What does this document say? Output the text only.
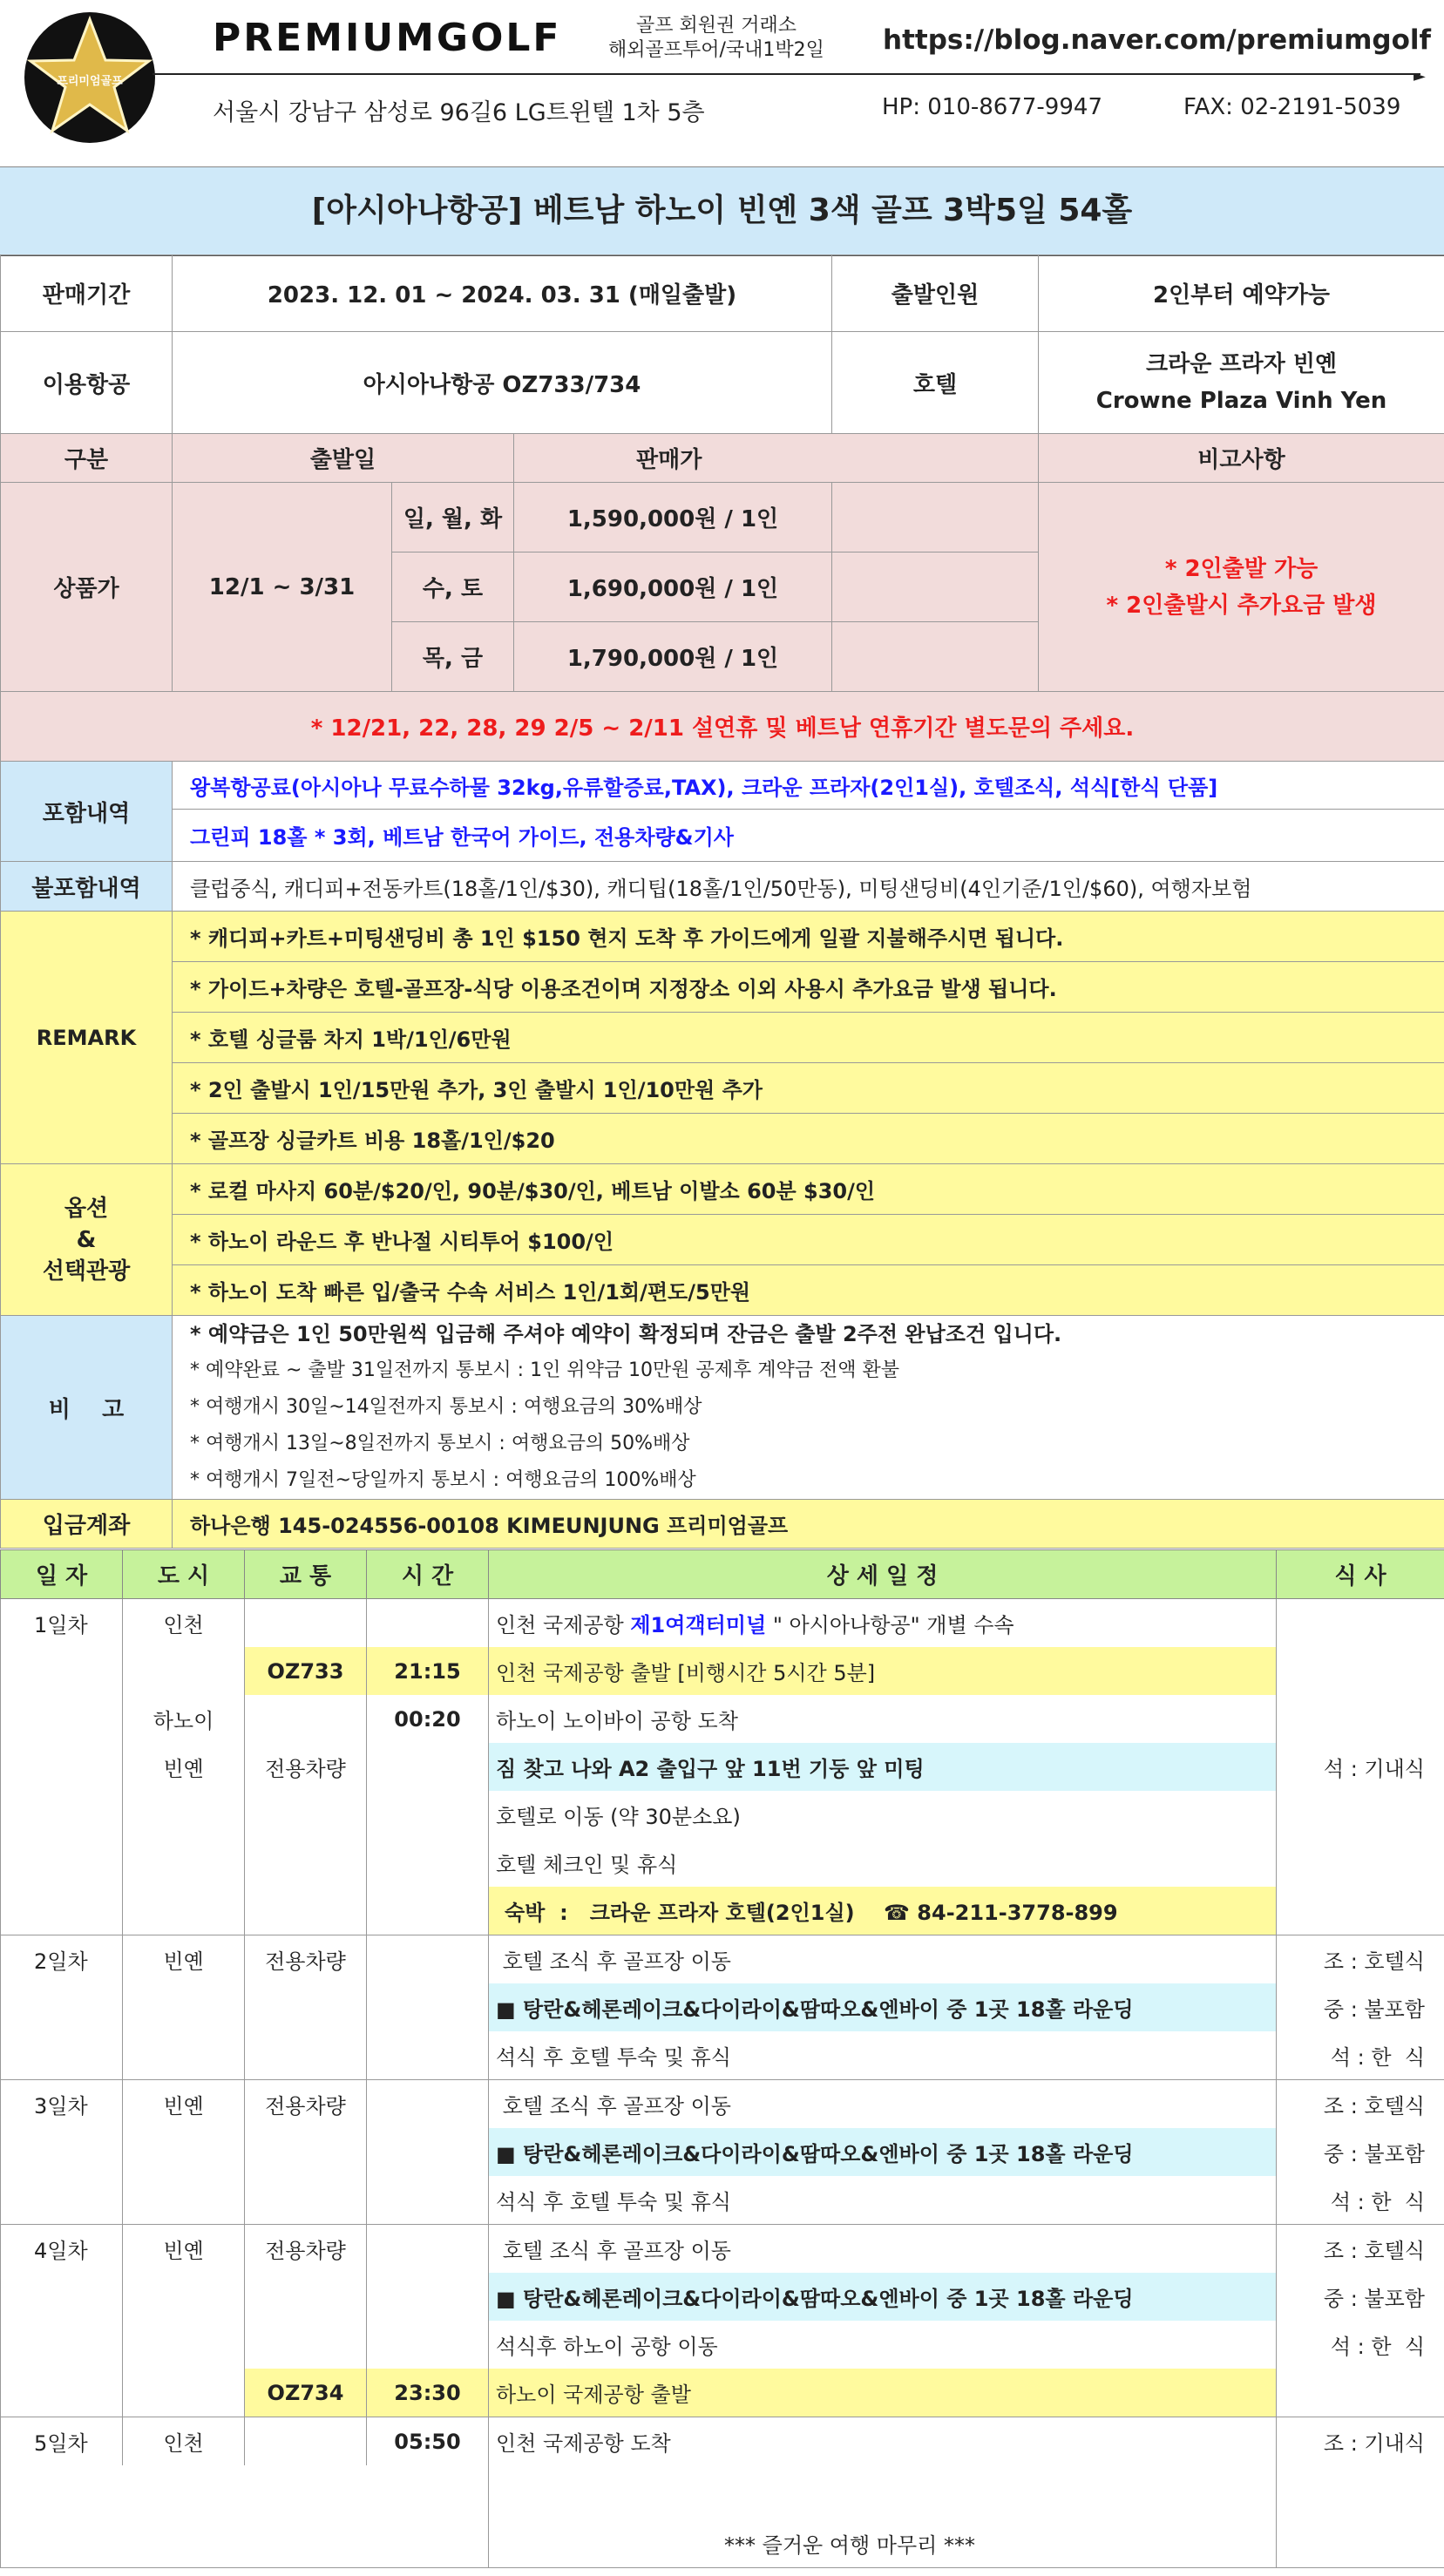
프리미엄골프
PREMIUMGOLF	골프 회원권 거래소
해외골프투어/국내1박2일 https://blog.naver.com/premiumgolf
►
서울시 강남구 삼성로 96길6 LG트윈텔 1차 5층	HP: 010-8677-9947	FAX: 02-2191-5039
[아시아나항공] 베트남 하노이 빈옌 3색 골프 3박5일 54홀
판매기간	2023. 12. 01 ~ 2024. 03. 31 (매일출발)			출발인원	2인부터 예약가능
이용항공	아시아나항공 OZ733/734			호텔	크라운 프라자 빈옌
Crowne Plaza Vinh Yen

구분	출발일		판매가		비고사항
상품가	12/1 ~ 3/31	일, 월, 화	1,590,000원 / 1인		* 2인출발 가능
* 2인출발시 추가요금 발생

		수, 토	1,690,000원 / 1인		
		목, 금	1,790,000원 / 1인		
* 12/21, 22, 28, 29 2/5 ~ 2/11 설연휴 및 베트남 연휴기간 별도문의 주세요.					
포함내역	왕복항공료(아시아나 무료수하물 32kg,유류할증료,TAX), 크라운 프라자(2인1실), 호텔조식, 석식[한식 단품]				
	그린피 18홀 * 3회, 베트남 한국어 가이드, 전용차량&기사				
불포함내역	클럽중식, 캐디피+전동카트(18홀/1인/$30), 캐디팁(18홀/1인/50만동), 미팅샌딩비(4인기준/1인/$60), 여행자보험				
REMARK	* 캐디피+카트+미팅샌딩비 총 1인 $150 현지 도착 후 가이드에게 일괄 지불해주시면 됩니다.				
	* 가이드+차량은 호텔-골프장-식당 이용조건이며 지정장소 이외 사용시 추가요금 발생 됩니다.				
	* 호텔 싱글룸 차지 1박/1인/6만원				
	* 2인 출발시 1인/15만원 추가, 3인 출발시 1인/10만원 추가				
	* 골프장 싱글카트 비용 18홀/1인/$20				

옵션
&
선택관광	* 로컬 마사지 60분/$20/인, 90분/$30/인, 베트남 이발소 60분 $30/인				
	* 하노이 라운드 후 반나절 시티투어 $100/인				
	* 하노이 도착 빠른 입/출국 수속 서비스 1인/1회/편도/5만원				
비    고	* 예약금은 1인 50만원씩 입금해 주셔야 예약이 확정되며 잔금은 출발 2주전 완납조건 입니다.
* 예약완료 ~ 출발 31일전까지 통보시 : 1인 위약금 10만원 공제후 계약금 전액 환불
* 여행개시 30일~14일전까지 통보시 : 여행요금의 30%배상
* 여행개시 13일~8일전까지 통보시 : 여행요금의 50%배상
* 여행개시 7일전~당일까지 통보시 : 여행요금의 100%배상				

입금계좌	하나은행 145-024556-00108 KIMEUNJUNG 프리미엄골프				
일 자	도 시	교 통	시 간	상 세 일 정	식 사
1일차	인천			인천 국제공항 제1여객터미널 " 아시아나항공" 개별 수속	
		OZ733	21:15	인천 국제공항 출발 [비행시간 5시간 5분]	
	하노이		00:20	하노이 노이바이 공항 도착	
	빈옌	전용차량		짐 찾고 나와 A2 출입구 앞 11번 기둥 앞 미팅	석 : 기내식
				호텔로 이동 (약 30분소요)	
				호텔 체크인 및 휴식	
				숙박  :   크라운 프라자 호텔(2인1실)    ☎ 84-211-3778-899	
2일차	빈옌	전용차량		호텔 조식 후 골프장 이동	조 : 호텔식
				■ 탕란&헤론레이크&다이라이&땀따오&엔바이 중 1곳 18홀 라운딩	중 : 불포함
				석식 후 호텔 투숙 및 휴식	석 : 한  식
3일차	빈옌	전용차량		호텔 조식 후 골프장 이동	조 : 호텔식
				■ 탕란&헤론레이크&다이라이&땀따오&엔바이 중 1곳 18홀 라운딩	중 : 불포함
				석식 후 호텔 투숙 및 휴식	석 : 한  식
4일차	빈옌	전용차량		호텔 조식 후 골프장 이동	조 : 호텔식
				■ 탕란&헤론레이크&다이라이&땀따오&엔바이 중 1곳 18홀 라운딩	중 : 불포함
				석식후 하노이 공항 이동	석 : 한  식
		OZ734	23:30	하노이 국제공항 출발	
5일차	인천		05:50	인천 국제공항 도착	조 : 기내식
				*** 즐거운 여행 마무리 ***	
